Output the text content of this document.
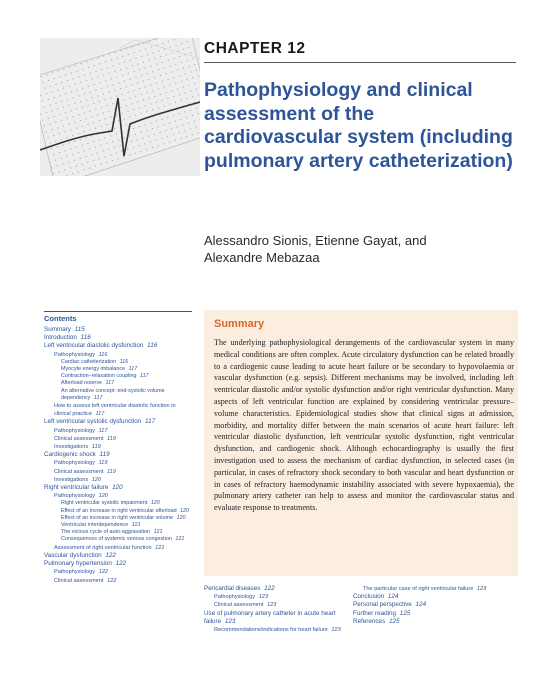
CHAPTER 12
Pathophysiology and clinical assessment of the cardiovascular system (including pulmonary artery catheterization)
Alessandro Sionis, Etienne Gayat, and
Alexandre Mebazaa
Contents
Summary 115
Introduction 116
Left ventricular diastolic dysfunction 116
Pathophysiology 116
Cardiac catheterization 116
Myocyte energy imbalance 117
Contraction–relaxation coupling 117
Afterload reserve 117
An alternative concept: end-systolic volume dependency 117
How to assess left ventricular diastolic function in clinical practice 117
Left ventricular systolic dysfunction 117
Pathophysiology 117
Clinical assessment 119
Investigations 119
Cardiogenic shock 119
Pathophysiology 119
Clinical assessment 119
Investigations 120
Right ventricular failure 120
Pathophysiology 120
Right ventricular systolic impairment 120
Effect of an increase in right ventricular afterload 120
Effect of an increase in right ventricular volume 120
Ventricular interdependence 121
The vicious cycle of auto-aggravation 121
Consequences of systemic venous congestion 121
Assessment of right ventricular function 121
Vascular dysfunction 122
Pulmonary hypertension 122
Pathophysiology 122
Clinical assessment 122
Summary
The underlying pathophysiological derangements of the cardiovascular system in many medical conditions are often complex. Acute circulatory dysfunction can be related broadly to a cardiogenic cause leading to acute heart failure or be secondary to hypovolaemia or vascular dysfunction (e.g. sepsis). Different mechanisms may be involved, including left ventricular diastolic and/or systolic dysfunction and/or right ventricular dysfunction. Many aspects of left ventricular function are explained by considering ventricular pressure–volume characteristics. Epidemiological studies show that clinical signs at admission, morbidity, and mortality differ between the main scenarios of acute heart failure: left ventricular diastolic dysfunction, left ventricular systolic dysfunction, right ventricular dysfunction, and cardiogenic shock. Although echocardiography is usually the first investigation used to assess the mechanism of cardiac dysfunction, in selected cases (in particular, in cases of refractory shock secondary to both vascular and heart dysfunction or in cases of refractory haemodynamic instability associated with severe hypoxaemia), the pulmonary artery catheter can help to assess and monitor the cardiovascular status and evaluate response to treatments.
Pericardial diseases 122
Pathophysiology 123
Clinical assessment 123
Use of pulmonary artery catheter in acute heart failure 123
Recommendations/indications for heart failure 123
The particular case of right ventricular failure 123
Conclusion 124
Personal perspective 124
Further reading 125
References 125
